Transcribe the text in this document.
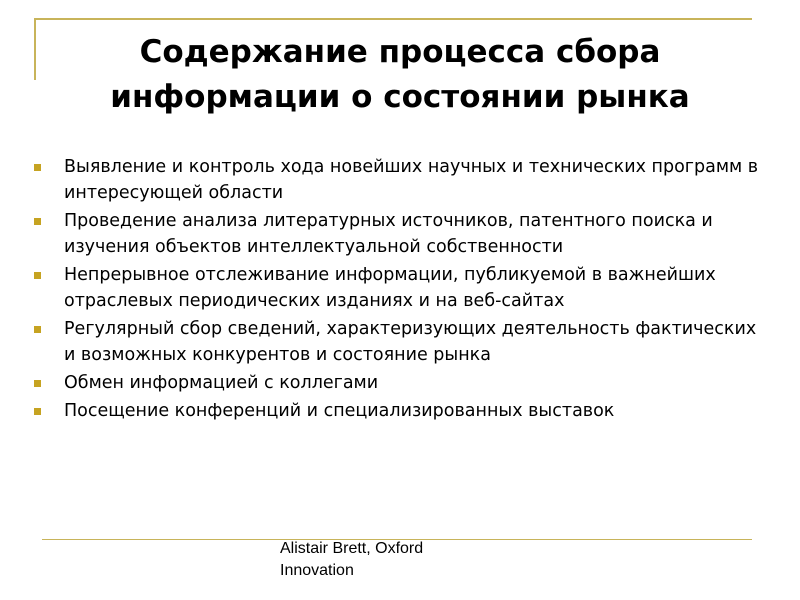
Содержание процесса сбора информации о состоянии рынка
Выявление и контроль хода новейших научных и технических программ в интересующей области
Проведение анализа литературных источников, патентного поиска и изучения объектов интеллектуальной собственности
Непрерывное отслеживание информации, публикуемой в важнейших отраслевых периодических изданиях и на веб-сайтах
Регулярный сбор сведений, характеризующих деятельность фактических и возможных конкурентов и состояние рынка
Обмен информацией с коллегами
Посещение конференций и специализированных выставок
Alistair Brett, Oxford
Innovation
